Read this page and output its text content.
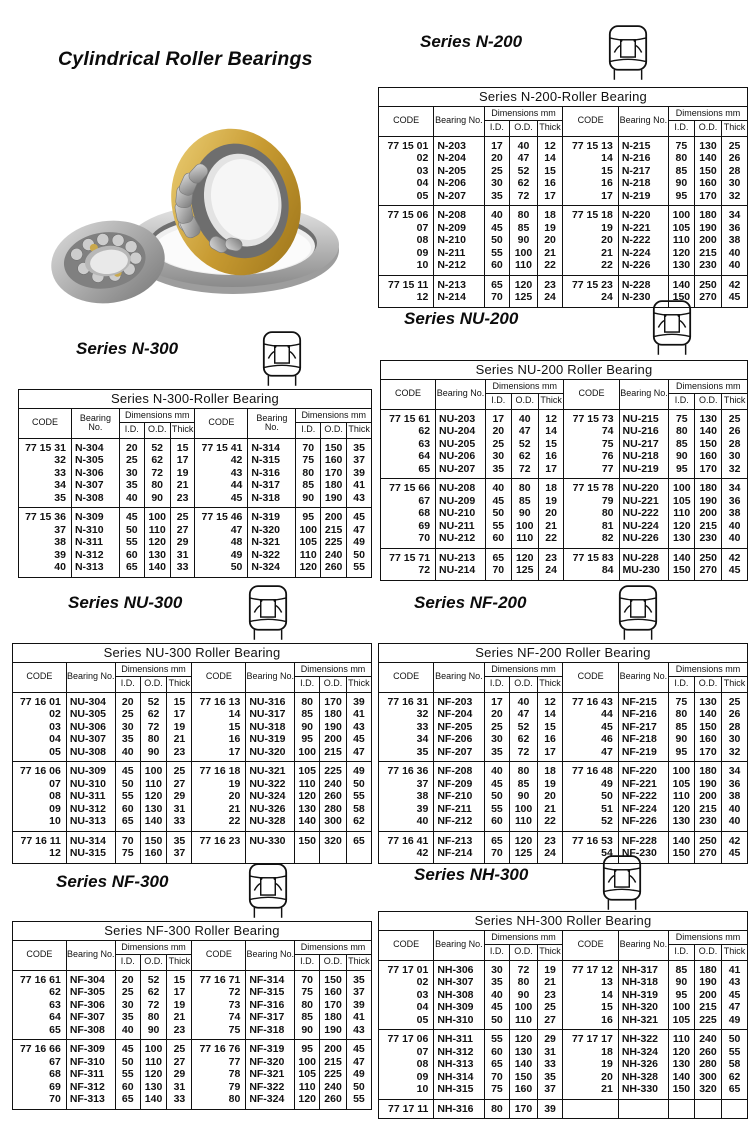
Cylindrical Roller Bearings
Series N-200
Series N-200-Roller Bearing									
CODE	Bearing No.	Dimensions mm			CODE	Bearing No.	Dimensions mm		
		I.D.	O.D.	Thick			I.D.	O.D.	Thick
77 15 01	N-203	17	40	12	77 15 13	N-215	75	130	25
02	N-204	20	47	14	14	N-216	80	140	26
03	N-205	25	52	15	15	N-217	85	150	28
04	N-206	30	62	16	16	N-218	90	160	30
05	N-207	35	72	17	17	N-219	95	170	32
77 15 06	N-208	40	80	18	77 15 18	N-220	100	180	34
07	N-209	45	85	19	19	N-221	105	190	36
08	N-210	50	90	20	20	N-222	110	200	38
09	N-211	55	100	21	21	N-224	120	215	40
10	N-212	60	110	22	22	N-226	130	230	40
77 15 11	N-213	65	120	23	77 15 23	N-228	140	250	42
12	N-214	70	125	24	24	N-230	150	270	45
Series N-300
Series N-300-Roller Bearing									
CODE	Bearing No.	Dimensions mm			CODE	Bearing No.	Dimensions mm		
		I.D.	O.D.	Thick			I.D.	O.D.	Thick
77 15 31	N-304	20	52	15	77 15 41	N-314	70	150	35
32	N-305	25	62	17	42	N-315	75	160	37
33	N-306	30	72	19	43	N-316	80	170	39
34	N-307	35	80	21	44	N-317	85	180	41
35	N-308	40	90	23	45	N-318	90	190	43
77 15 36	N-309	45	100	25	77 15 46	N-319	95	200	45
37	N-310	50	110	27	47	N-320	100	215	47
38	N-311	55	120	29	48	N-321	105	225	49
39	N-312	60	130	31	49	N-322	110	240	50
40	N-313	65	140	33	50	N-324	120	260	55
Series NU-200
Series NU-200 Roller Bearing									
CODE	Bearing No.	Dimensions mm			CODE	Bearing No.	Dimensions mm		
		I.D.	O.D.	Thick			I.D.	O.D.	Thick
77 15 61	NU-203	17	40	12	77 15 73	NU-215	75	130	25
62	NU-204	20	47	14	74	NU-216	80	140	26
63	NU-205	25	52	15	75	NU-217	85	150	28
64	NU-206	30	62	16	76	NU-218	90	160	30
65	NU-207	35	72	17	77	NU-219	95	170	32
77 15 66	NU-208	40	80	18	77 15 78	NU-220	100	180	34
67	NU-209	45	85	19	79	NU-221	105	190	36
68	NU-210	50	90	20	80	NU-222	110	200	38
69	NU-211	55	100	21	81	NU-224	120	215	40
70	NU-212	60	110	22	82	NU-226	130	230	40
77 15 71	NU-213	65	120	23	77 15 83	NU-228	140	250	42
72	NU-214	70	125	24	84	MU-230	150	270	45
Series NU-300
Series NU-300 Roller Bearing									
CODE	Bearing No.	Dimensions mm			CODE	Bearing No.	Dimensions mm		
		I.D.	O.D.	Thick			I.D.	O.D.	Thick
77 16 01	NU-304	20	52	15	77 16 13	NU-316	80	170	39
02	NU-305	25	62	17	14	NU-317	85	180	41
03	NU-306	30	72	19	15	NU-318	90	190	43
04	NU-307	35	80	21	16	NU-319	95	200	45
05	NU-308	40	90	23	17	NU-320	100	215	47
77 16 06	NU-309	45	100	25	77 16 18	NU-321	105	225	49
07	NU-310	50	110	27	19	NU-322	110	240	50
08	NU-311	55	120	29	20	NU-324	120	260	55
09	NU-312	60	130	31	21	NU-326	130	280	58
10	NU-313	65	140	33	22	NU-328	140	300	62
77 16 11	NU-314	70	150	35	77 16 23	NU-330	150	320	65
12	NU-315	75	160	37					
Series NF-200
Series NF-200 Roller Bearing									
CODE	Bearing No.	Dimensions mm			CODE	Bearing No.	Dimensions mm		
		I.D.	O.D.	Thick			I.D.	O.D.	Thick
77 16 31	NF-203	17	40	12	77 16 43	NF-215	75	130	25
32	NF-204	20	47	14	44	NF-216	80	140	26
33	NF-205	25	52	15	45	NF-217	85	150	28
34	NF-206	30	62	16	46	NF-218	90	160	30
35	NF-207	35	72	17	47	NF-219	95	170	32
77 16 36	NF-208	40	80	18	77 16 48	NF-220	100	180	34
37	NF-209	45	85	19	49	NF-221	105	190	36
38	NF-210	50	90	20	50	NF-222	110	200	38
39	NF-211	55	100	21	51	NF-224	120	215	40
40	NF-212	60	110	22	52	NF-226	130	230	40
77 16 41	NF-213	65	120	23	77 16 53	NF-228	140	250	42
42	NF-214	70	125	24	54	NF-230	150	270	45
Series NF-300
Series NF-300 Roller Bearing									
CODE	Bearing No.	Dimensions mm			CODE	Bearing No.	Dimensions mm		
		I.D.	O.D.	Thick			I.D.	O.D.	Thick
77 16 61	NF-304	20	52	15	77 16 71	NF-314	70	150	35
62	NF-305	25	62	17	72	NF-315	75	160	37
63	NF-306	30	72	19	73	NF-316	80	170	39
64	NF-307	35	80	21	74	NF-317	85	180	41
65	NF-308	40	90	23	75	NF-318	90	190	43
77 16 66	NF-309	45	100	25	77 16 76	NF-319	95	200	45
67	NF-310	50	110	27	77	NF-320	100	215	47
68	NF-311	55	120	29	78	NF-321	105	225	49
69	NF-312	60	130	31	79	NF-322	110	240	50
70	NF-313	65	140	33	80	NF-324	120	260	55
Series NH-300
Series NH-300 Roller Bearing									
CODE	Bearing No.	Dimensions mm			CODE	Bearing No.	Dimensions mm		
		I.D.	O.D.	Thick			I.D.	O.D.	Thick
77 17 01	NH-306	30	72	19	77 17 12	NH-317	85	180	41
02	NH-307	35	80	21	13	NH-318	90	190	43
03	NH-308	40	90	23	14	NH-319	95	200	45
04	NH-309	45	100	25	15	NH-320	100	215	47
05	NH-310	50	110	27	16	NH-321	105	225	49
77 17 06	NH-311	55	120	29	77 17 17	NH-322	110	240	50
07	NH-312	60	130	31	18	NH-324	120	260	55
08	NH-313	65	140	33	19	NH-326	130	280	58
09	NH-314	70	150	35	20	NH-328	140	300	62
10	NH-315	75	160	37	21	NH-330	150	320	65
77 17 11	NH-316	80	170	39					
